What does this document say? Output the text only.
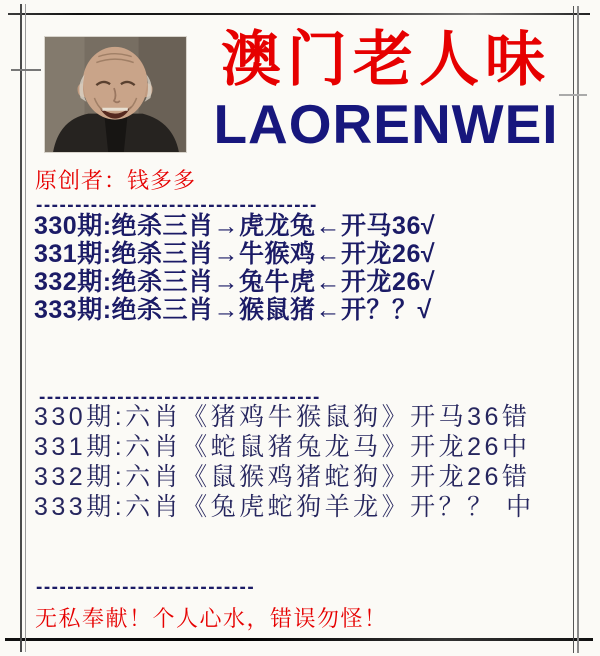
澳门老人味
LAORENWEI
原创者：钱多多
------------------------------------
330期:绝杀三肖→虎龙兔←开马36√
331期:绝杀三肖→牛猴鸡←开龙26√
332期:绝杀三肖→兔牛虎←开龙26√
333期:绝杀三肖→猴鼠猪←开？？√
------------------------------------
330期:六肖《猪鸡牛猴鼠狗》开马36错
331期:六肖《蛇鼠猪兔龙马》开龙26中
332期:六肖《鼠猴鸡猪蛇狗》开龙26错
333期:六肖《兔虎蛇狗羊龙》开？？ 中
----------------------------
无私奉献！个人心水，错误勿怪！
